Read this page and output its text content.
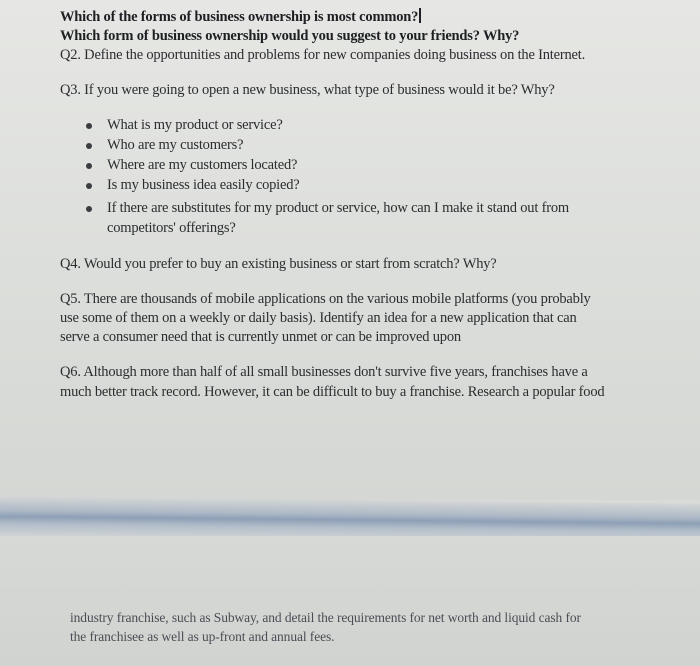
Which of the forms of business ownership is most common?
Which form of business ownership would you suggest to your friends? Why?
Q2. Define the opportunities and problems for new companies doing business on the Internet.
Q3. If you were going to open a new business, what type of business would it be? Why?
What is my product or service?
Who are my customers?
Where are my customers located?
Is my business idea easily copied?
If there are substitutes for my product or service, how can I make it stand out from
competitors' offerings?
Q4. Would you prefer to buy an existing business or start from scratch? Why?
Q5. There are thousands of mobile applications on the various mobile platforms (you probably
use some of them on a weekly or daily basis). Identify an idea for a new application that can
serve a consumer need that is currently unmet or can be improved upon
Q6. Although more than half of all small businesses don't survive five years, franchises have a
much better track record. However, it can be difficult to buy a franchise. Research a popular food
industry franchise, such as Subway, and detail the requirements for net worth and liquid cash for
the franchisee as well as up-front and annual fees.
